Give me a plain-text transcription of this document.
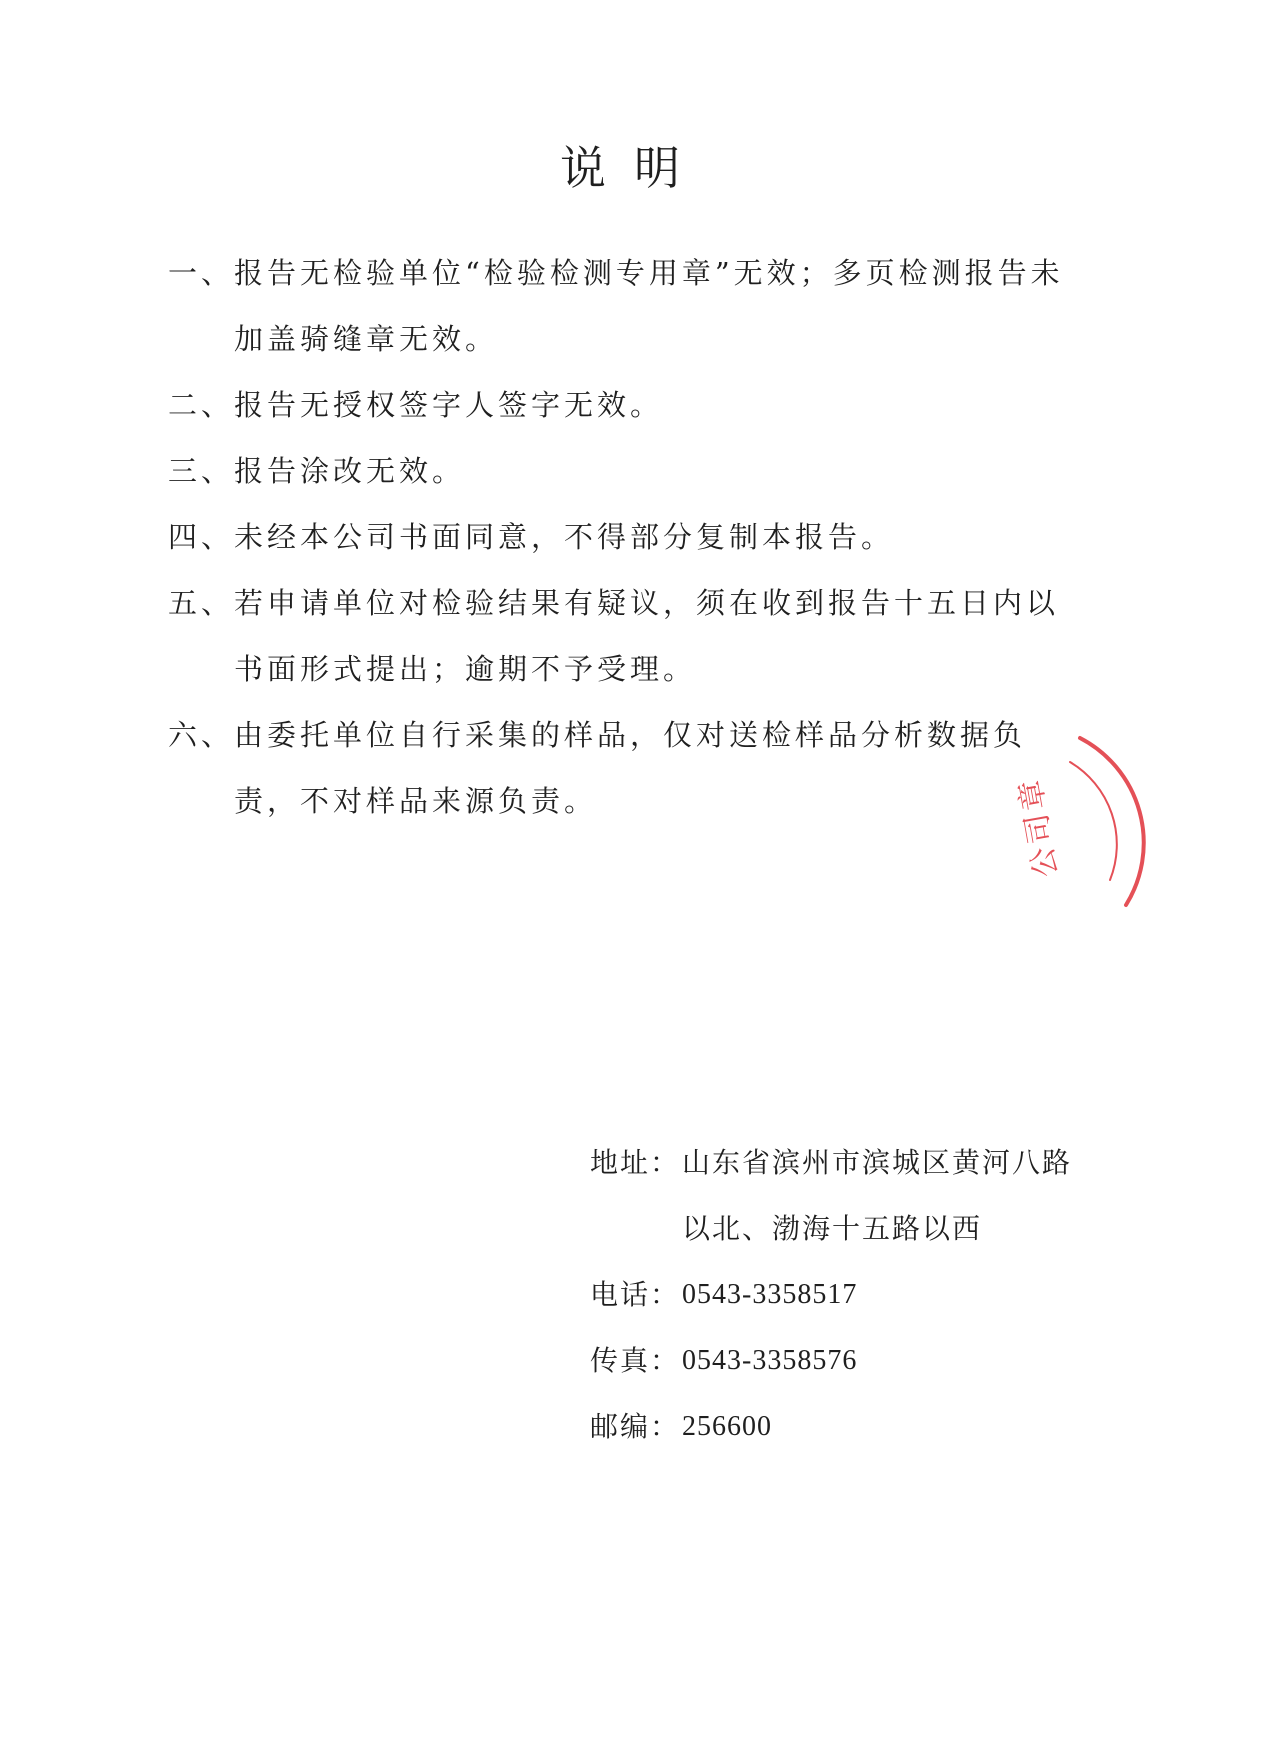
说明
一、 报告无检验单位“检验检测专用章”无效；多页检测报告未加盖骑缝章无效。
二、 报告无授权签字人签字无效。
三、 报告涂改无效。
四、 未经本公司书面同意，不得部分复制本报告。
五、 若申请单位对检验结果有疑议，须在收到报告十五日内以书面形式提出；逾期不予受理。
六、 由委托单位自行采集的样品，仅对送检样品分析数据负责，不对样品来源负责。
地址： 山东省滨州市滨城区黄河八路
以北、渤海十五路以西
电话： 0543-3358517
传真： 0543-3358576
邮编： 256600
公司章
